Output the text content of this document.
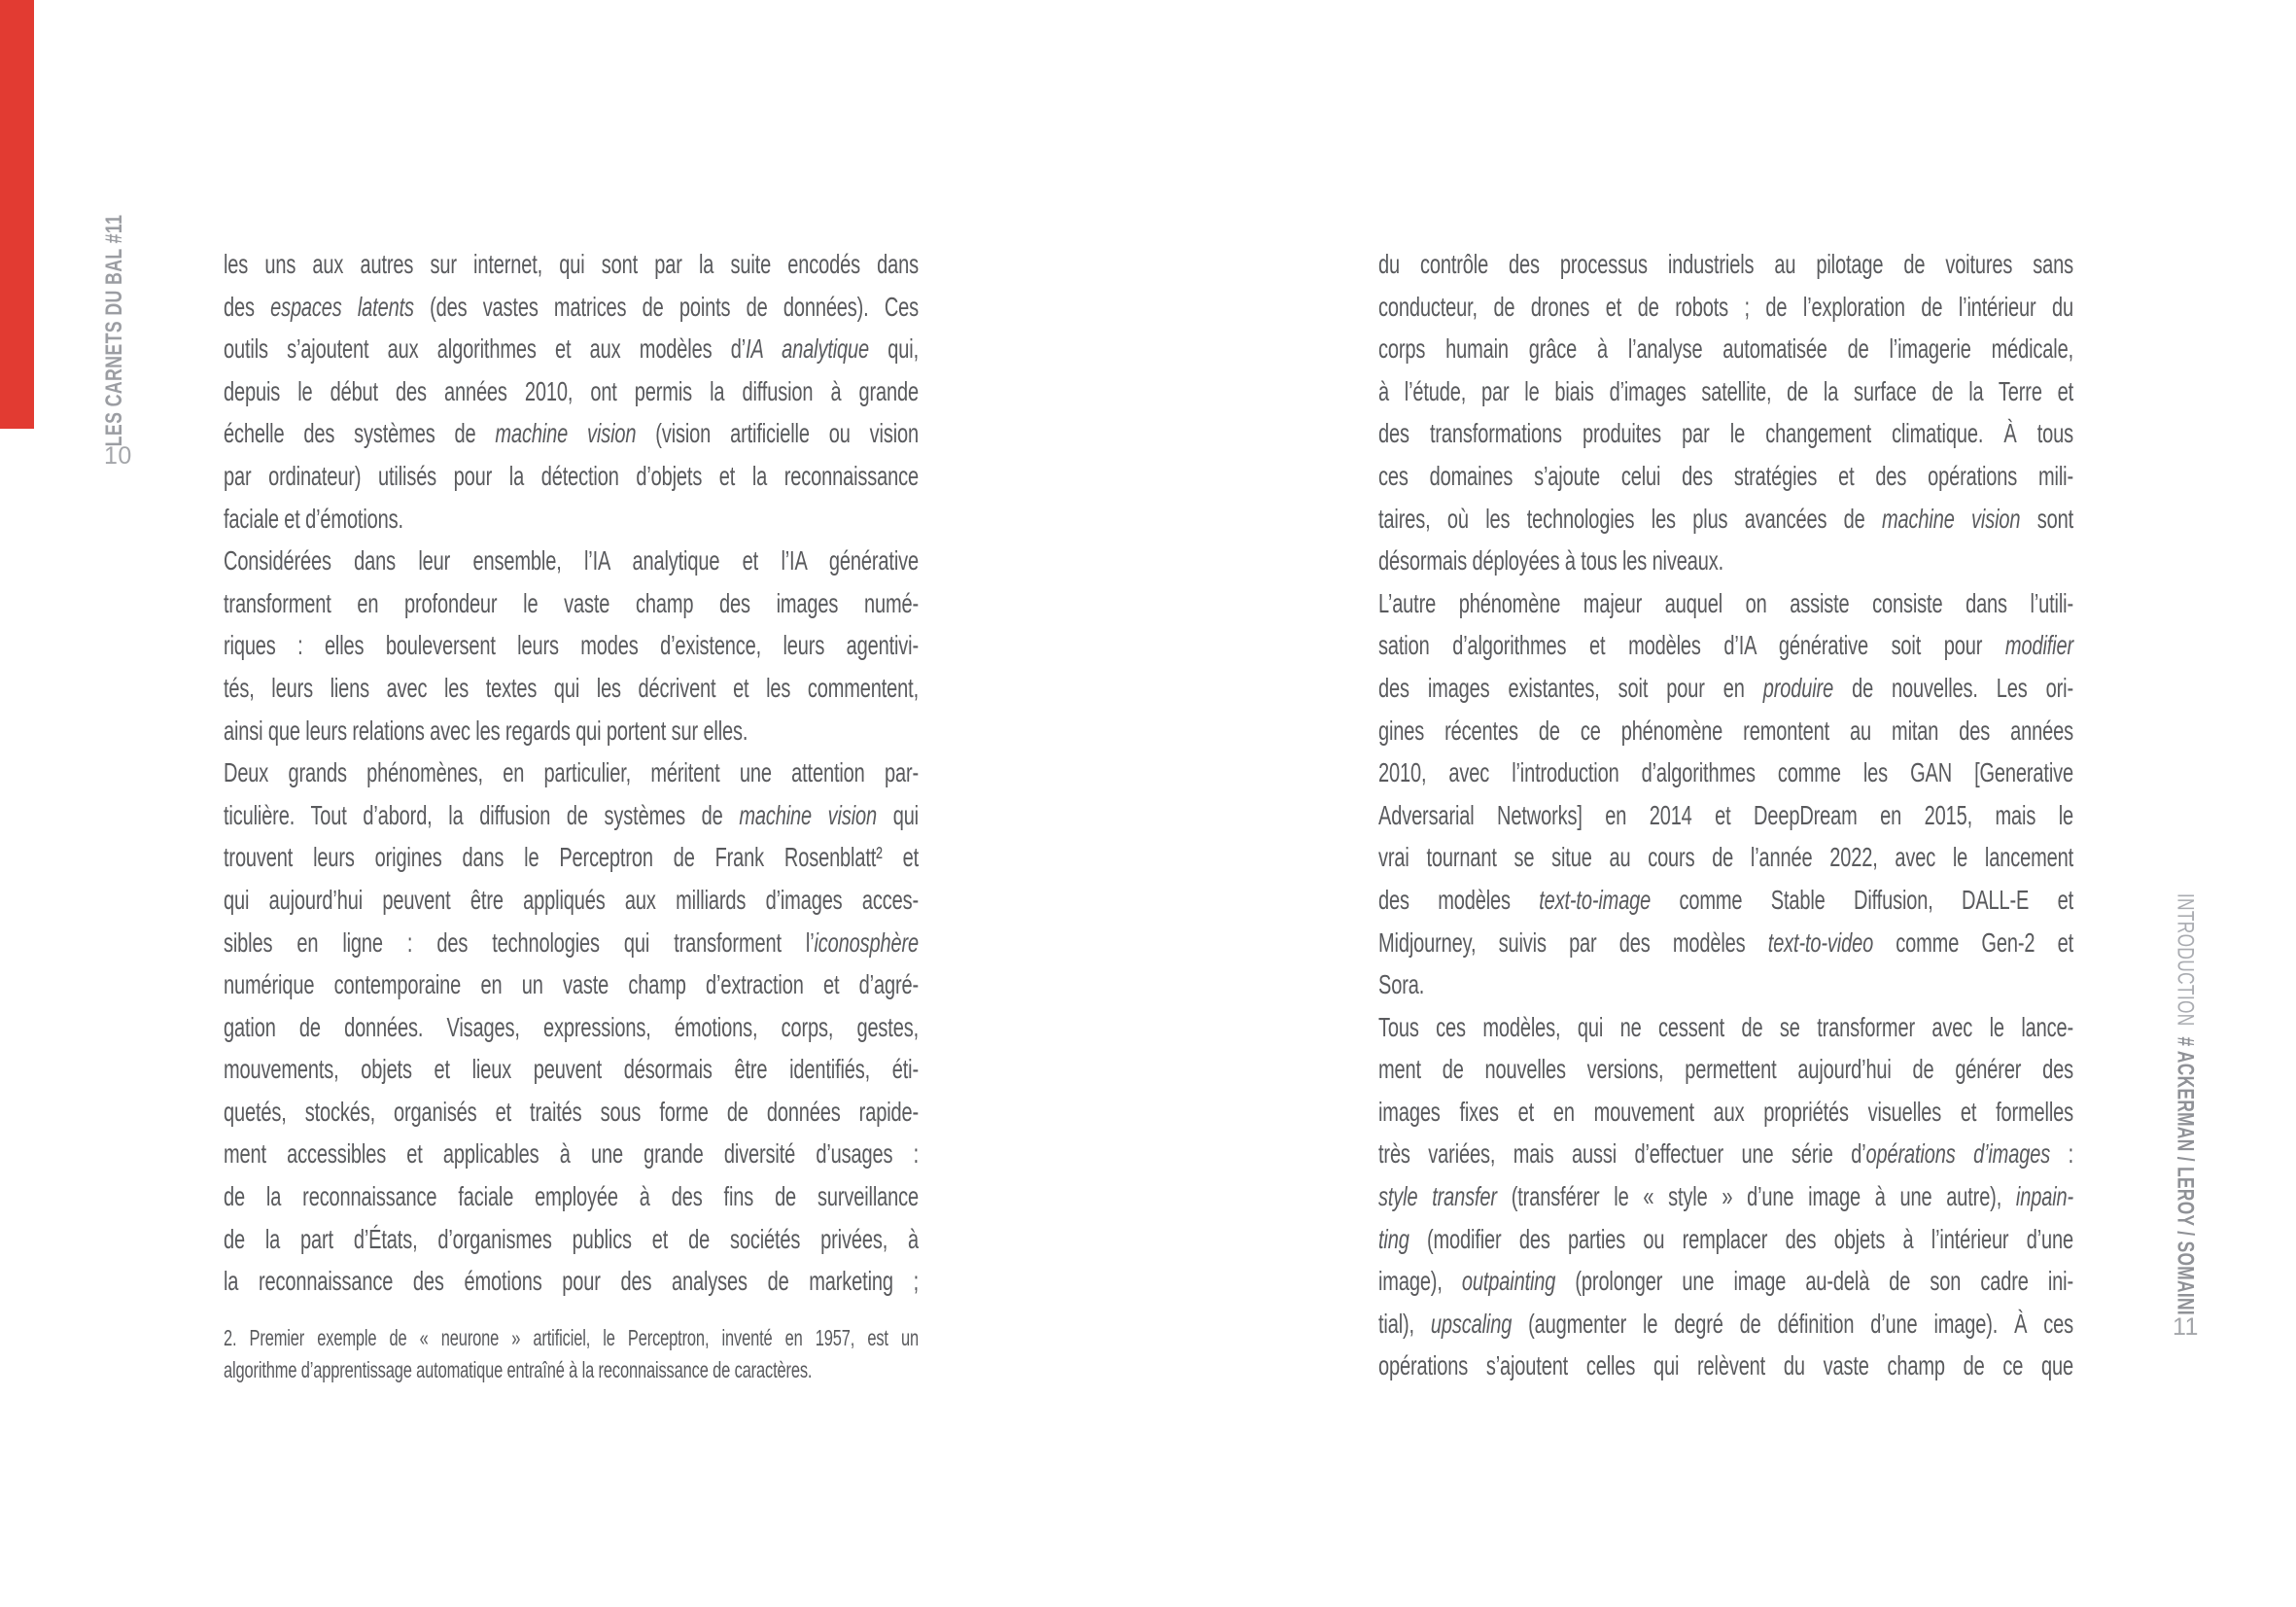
LES CARNETS DU BAL #11
10
les uns aux autres sur internet, qui sont par la suite encodés dans
des espaces latents (des vastes matrices de points de données). Ces
outils s’ajoutent aux algorithmes et aux modèles d’IA analytique qui,
depuis le début des années 2010, ont permis la diffusion à grande
échelle des systèmes de machine vision (vision artificielle ou vision
par ordinateur) utilisés pour la détection d’objets et la reconnaissance
faciale et d’émotions.
Considérées dans leur ensemble, l’IA analytique et l’IA générative
transforment en profondeur le vaste champ des images numé-
riques : elles bouleversent leurs modes d’existence, leurs agentivi-
tés, leurs liens avec les textes qui les décrivent et les commentent,
ainsi que leurs relations avec les regards qui portent sur elles.
Deux grands phénomènes, en particulier, méritent une attention par-
ticulière. Tout d’abord, la diffusion de systèmes de machine vision qui
trouvent leurs origines dans le Perceptron de Frank Rosenblatt² et
qui aujourd’hui peuvent être appliqués aux milliards d’images acces-
sibles en ligne : des technologies qui transforment l’iconosphère
numérique contemporaine en un vaste champ d’extraction et d’agré-
gation de données. Visages, expressions, émotions, corps, gestes,
mouvements, objets et lieux peuvent désormais être identifiés, éti-
quetés, stockés, organisés et traités sous forme de données rapide-
ment accessibles et applicables à une grande diversité d’usages :
de la reconnaissance faciale employée à des fins de surveillance
de la part d’États, d’organismes publics et de sociétés privées, à
la reconnaissance des émotions pour des analyses de marketing ;
2. Premier exemple de « neurone » artificiel, le Perceptron, inventé en 1957, est un
algorithme d’apprentissage automatique entraîné à la reconnaissance de caractères.
du contrôle des processus industriels au pilotage de voitures sans
conducteur, de drones et de robots ; de l’exploration de l’intérieur du
corps humain grâce à l’analyse automatisée de l’imagerie médicale,
à l’étude, par le biais d’images satellite, de la surface de la Terre et
des transformations produites par le changement climatique. À tous
ces domaines s’ajoute celui des stratégies et des opérations mili-
taires, où les technologies les plus avancées de machine vision sont
désormais déployées à tous les niveaux.
L’autre phénomène majeur auquel on assiste consiste dans l’utili-
sation d’algorithmes et modèles d’IA générative soit pour modifier
des images existantes, soit pour en produire de nouvelles. Les ori-
gines récentes de ce phénomène remontent au mitan des années
2010, avec l’introduction d’algorithmes comme les GAN [Generative
Adversarial Networks] en 2014 et DeepDream en 2015, mais le
vrai tournant se situe au cours de l’année 2022, avec le lancement
des modèles text-to-image comme Stable Diffusion, DALL-E et
Midjourney, suivis par des modèles text-to-video comme Gen-2 et
Sora.
Tous ces modèles, qui ne cessent de se transformer avec le lance-
ment de nouvelles versions, permettent aujourd’hui de générer des
images fixes et en mouvement aux propriétés visuelles et formelles
très variées, mais aussi d’effectuer une série d’opérations d’images :
style transfer (transférer le « style » d’une image à une autre), inpain-
ting (modifier des parties ou remplacer des objets à l’intérieur d’une
image), outpainting (prolonger une image au-delà de son cadre ini-
tial), upscaling (augmenter le degré de définition d’une image). À ces
opérations s’ajoutent celles qui relèvent du vaste champ de ce que
INTRODUCTION # ACKERMAN / LEROY / SOMAINI
11
